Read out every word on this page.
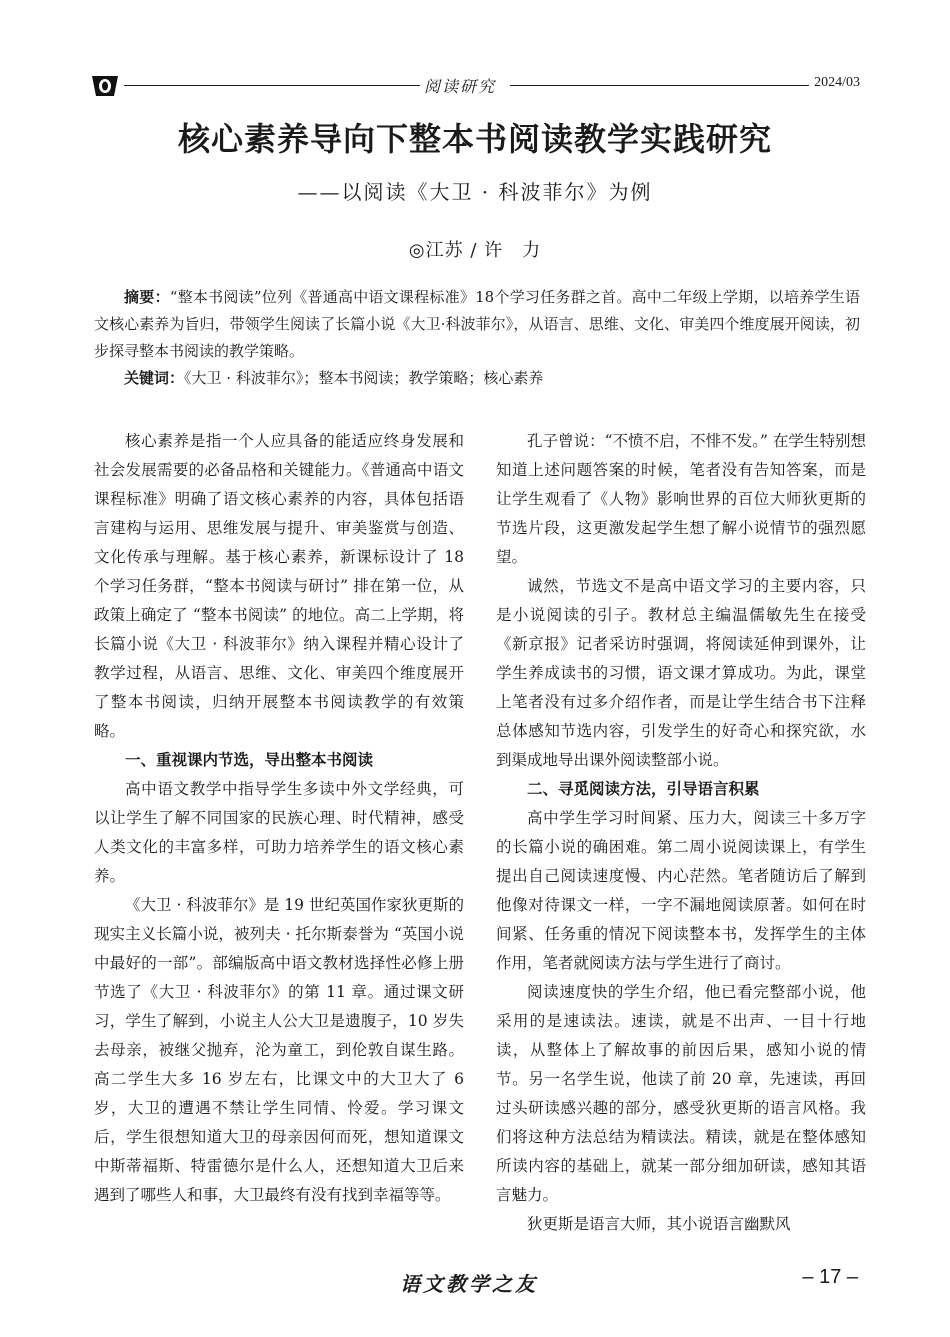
阅读研究	2024/03
核心素养导向下整本书阅读教学实践研究
——以阅读《大卫 · 科波菲尔》为例
◎江苏 / 许　力

摘要：“整本书阅读”位列《普通高中语文课程标准》18个学习任务群之首。高中二年级上学期，以培养学生语文核心素养为旨归，带领学生阅读了长篇小说《大卫·科波菲尔》，从语言、思维、文化、审美四个维度展开阅读，初步探寻整本书阅读的教学策略。

关键词：《大卫 · 科波菲尔》；整本书阅读；教学策略；核心素养

核心素养是指一个人应具备的能适应终身发展和社会发展需要的必备品格和关键能力。《普通高中语文课程标准》明确了语文核心素养的内容，具体包括语言建构与运用、思维发展与提升、审美鉴赏与创造、文化传承与理解。基于核心素养，新课标设计了 18 个学习任务群，“整本书阅读与研讨” 排在第一位，从政策上确定了 “整本书阅读” 的地位。高二上学期，将长篇小说《大卫 · 科波菲尔》纳入课程并精心设计了教学过程，从语言、思维、文化、审美四个维度展开了整本书阅读，归纳开展整本书阅读教学的有效策略。

一、重视课内节选，导出整本书阅读

高中语文教学中指导学生多读中外文学经典，可以让学生了解不同国家的民族心理、时代精神，感受人类文化的丰富多样，可助力培养学生的语文核心素养。

《大卫 · 科波菲尔》是 19 世纪英国作家狄更斯的现实主义长篇小说，被列夫 · 托尔斯泰誉为 “英国小说中最好的一部”。部编版高中语文教材选择性必修上册节选了《大卫 · 科波菲尔》的第 11 章。通过课文研习，学生了解到，小说主人公大卫是遗腹子，10 岁失去母亲，被继父抛弃，沦为童工，到伦敦自谋生路。高二学生大多 16 岁左右，比课文中的大卫大了 6 岁，大卫的遭遇不禁让学生同情、怜爱。学习课文后，学生很想知道大卫的母亲因何而死，想知道课文中斯蒂福斯、特雷德尔是什么人，还想知道大卫后来遇到了哪些人和事，大卫最终有没有找到幸福等等。

孔子曾说：“不愤不启，不悱不发。” 在学生特别想知道上述问题答案的时候，笔者没有告知答案，而是让学生观看了《人物》影响世界的百位大师狄更斯的节选片段，这更激发起学生想了解小说情节的强烈愿望。

诚然，节选文不是高中语文学习的主要内容，只是小说阅读的引子。教材总主编温儒敏先生在接受《新京报》记者采访时强调，将阅读延伸到课外，让学生养成读书的习惯，语文课才算成功。为此，课堂上笔者没有过多介绍作者，而是让学生结合书下注释总体感知节选内容，引发学生的好奇心和探究欲，水到渠成地导出课外阅读整部小说。

二、寻觅阅读方法，引导语言积累

高中学生学习时间紧、压力大，阅读三十多万字的长篇小说的确困难。第二周小说阅读课上，有学生提出自己阅读速度慢、内心茫然。笔者随访后了解到他像对待课文一样，一字不漏地阅读原著。如何在时间紧、任务重的情况下阅读整本书，发挥学生的主体作用，笔者就阅读方法与学生进行了商讨。

阅读速度快的学生介绍，他已看完整部小说，他采用的是速读法。速读，就是不出声、一目十行地读，从整体上了解故事的前因后果，感知小说的情节。另一名学生说，他读了前 20 章，先速读，再回过头研读感兴趣的部分，感受狄更斯的语言风格。我们将这种方法总结为精读法。精读，就是在整体感知所读内容的基础上，就某一部分细加研读，感知其语言魅力。

狄更斯是语言大师，其小说语言幽默风

语文教学之友	– 17 –
